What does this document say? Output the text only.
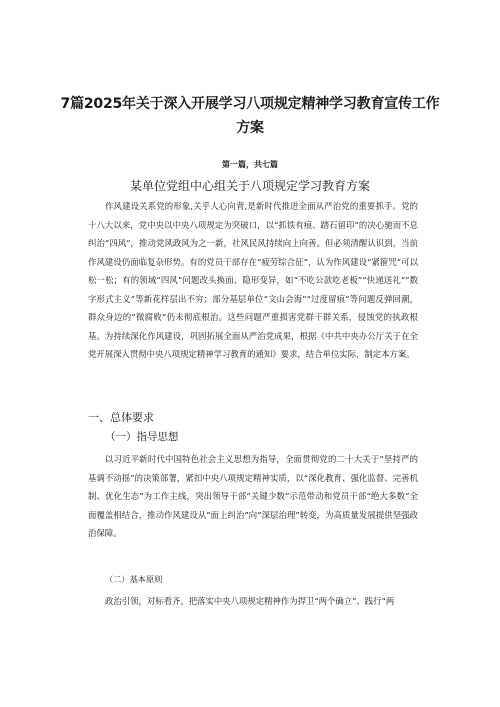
7篇2025年关于深入开展学习八项规定精神学习教育宣传工作方案
第一篇，共七篇
某单位党组中心组关于八项规定学习教育方案

作风建设关系党的形象,关乎人心向背,是新时代推进全面从严治党的重要抓手。党的十八大以来，党中央以中央八项规定为突破口，以“抓铁有痕、踏石留印”的决心驰而不息纠治“四风”，推动党风政风为之一新，社风民风持续向上向善。但必须清醒认识到，当前作风建设仍面临复杂形势。有的党员干部存在“疲劳综合征”，认为作风建设“紧箍咒”可以松一松；有的领域“四风”问题改头换面、隐形变异，如“不吃公款吃老板”“快递送礼”“数字形式主义”等新花样层出不穷；部分基层单位“文山会海”“过度留痕”等问题反弹回潮，群众身边的“微腐败”仍未彻底根治。这些问题严重损害党群干群关系，侵蚀党的执政根基。为持续深化作风建设，巩固拓展全面从严治党成果，根据《中共中央办公厅关于在全党开展深入贯彻中央八项规定精神学习教育的通知》要求，结合单位实际，制定本方案。

一、总体要求
（一）指导思想

以习近平新时代中国特色社会主义思想为指导，全面贯彻党的二十大关于“坚持严的基调不动摇”的决策部署，紧扣中央八项规定精神实质，以“深化教育、强化监督、完善机制、优化生态”为工作主线，突出领导干部“关键少数”示范带动和党员干部“绝大多数”全面覆盖相结合，推动作风建设从“面上纠治”向“深层治理”转变，为高质量发展提供坚强政治保障。

（二）基本原则

政治引领，对标看齐。把落实中央八项规定精神作为捍卫“两个确立”、践行“两
